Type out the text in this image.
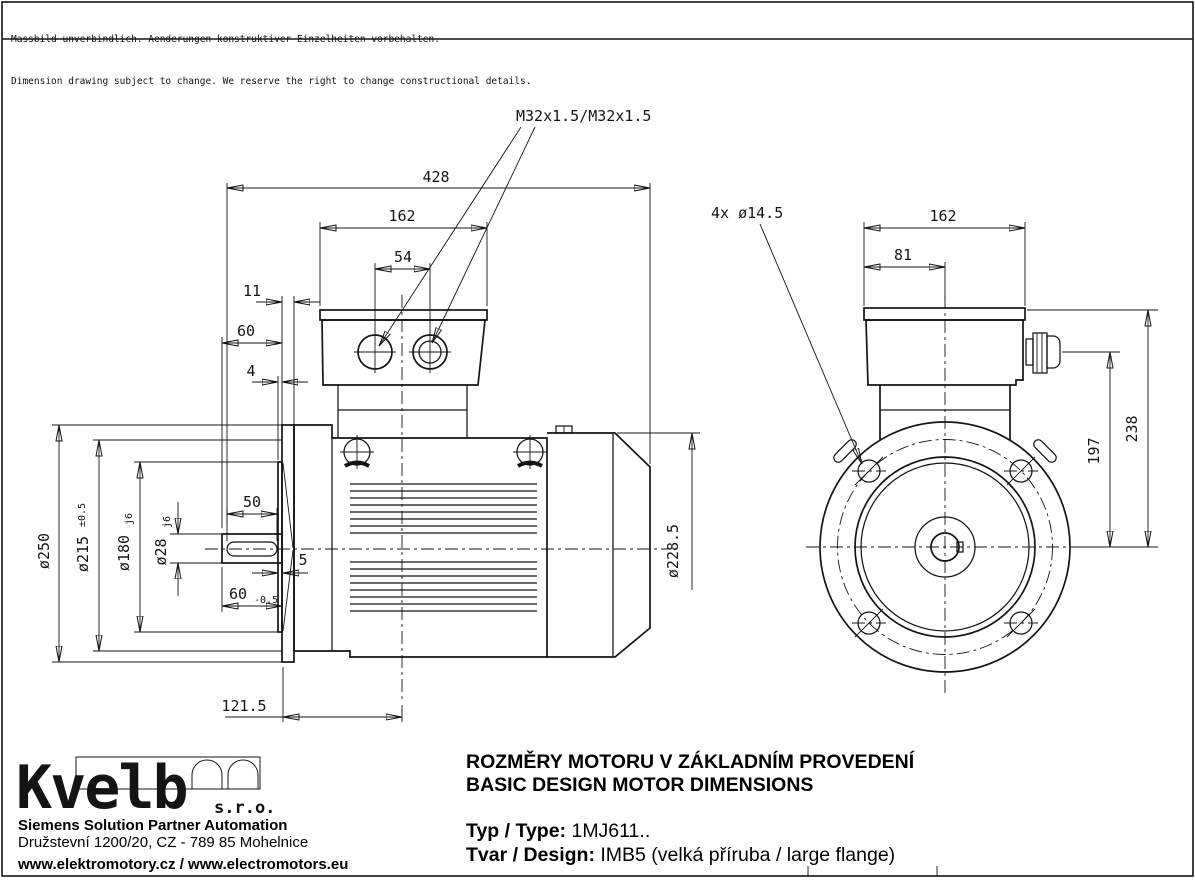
Massbild unverbindlich. Aenderungen konstruktiver Einzelheiten vorbehalten.

Dimension drawing subject to change. We reserve the right to change constructional details.

428
162
54
11
60
4
ø250 ø215
±0.5
ø180
j6
ø28
j6
50
60 -0.5
5
121.5
ø228.5
M32x1.5/M32x1.5
162
81
238
197
4x ø14.5
Kvelb s.r.o.
Siemens Solution Partner Automation
Družstevní 1200/20, CZ - 789 85 Mohelnice
www.elektromotory.cz / www.electromotors.eu
ROZMĚRY MOTORU V ZÁKLADNÍM PROVEDENÍ
BASIC DESIGN MOTOR DIMENSIONS
Typ / Type: 1MJ611..
Tvar / Design: IMB5 (velká příruba / large flange)
